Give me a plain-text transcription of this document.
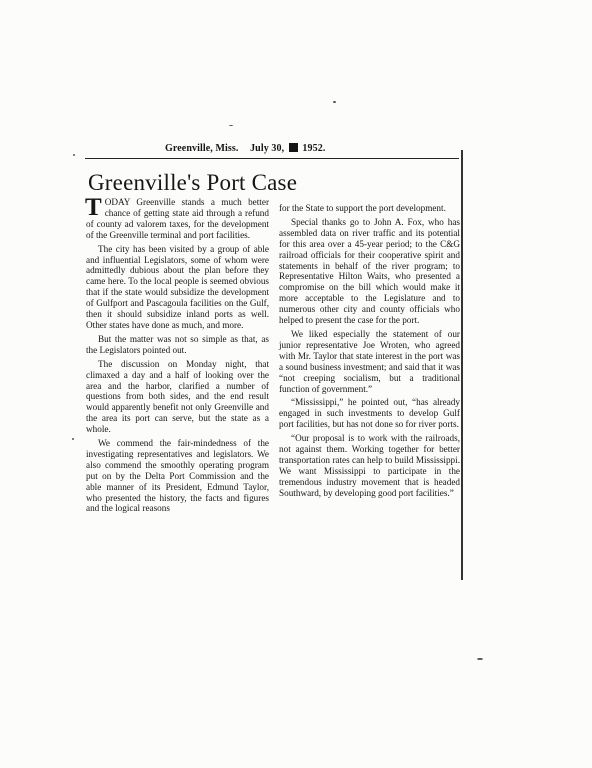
Greenville, Miss. July 30, 1952.
Greenville's Port Case

TODAY Greenville stands a much better chance of getting state aid through a refund of county ad valorem taxes, for the development of the Greenville terminal and port facilities.

The city has been visited by a group of able and influential Legislators, some of whom were admittedly dubious about the plan before they came here. To the local people is seemed obvious that if the state would subsidize the development of Gulfport and Pascagoula facilities on the Gulf, then it should subsidize inland ports as well. Other states have done as much, and more.

But the matter was not so simple as that, as the Legislators pointed out.

The discussion on Monday night, that climaxed a day and a half of looking over the area and the harbor, clarified a number of questions from both sides, and the end result would apparently benefit not only Greenville and the area its port can serve, but the state as a whole.

We commend the fair-mindedness of the investigating representatives and legislators. We also commend the smoothly operating program put on by the Delta Port Commission and the able manner of its President, Edmund Taylor, who presented the history, the facts and figures and the logical reasons

for the State to support the port development.

Special thanks go to John A. Fox, who has assembled data on river traffic and its potential for this area over a 45-year period; to the C&G railroad officials for their cooperative spirit and statements in behalf of the river program; to Representative Hilton Waits, who presented a compromise on the bill which would make it more acceptable to the Legislature and to numerous other city and county officials who helped to present the case for the port.

We liked especially the statement of our junior representative Joe Wroten, who agreed with Mr. Taylor that state interest in the port was a sound business investment; and said that it was “not creeping socialism, but a traditional function of government.”

“Mississippi,” he pointed out, “has already engaged in such investments to develop Gulf port facilities, but has not done so for river ports.

“Our proposal is to work with the railroads, not against them. Working together for better transportation rates can help to build Mississippi. We want Mississippi to participate in the tremendous industry movement that is headed Southward, by developing good port facilities.”
